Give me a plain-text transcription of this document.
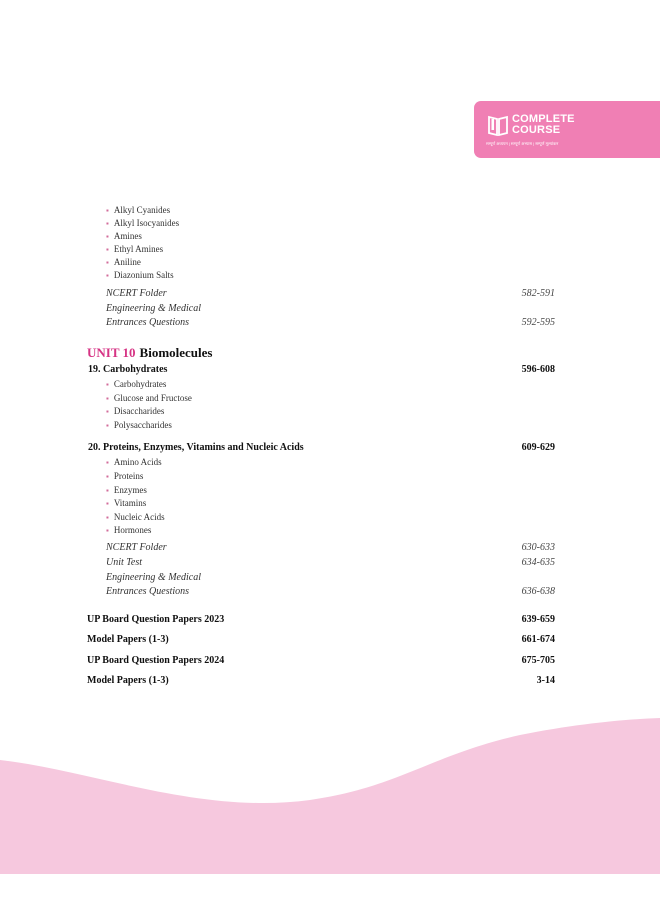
COMPLETE
COURSE
सम्पूर्ण अध्ययन | सम्पूर्ण अभ्यास | सम्पूर्ण मूल्यांकन
▪ Alkyl Cyanides
▪ Alkyl Isocyanides
▪ Amines
▪ Ethyl Amines
▪ Aniline
▪ Diazonium Salts
NCERT Folder	582-591
Engineering & Medical
Entrances Questions	592-595
UNIT 10 Biomolecules
19. Carbohydrates	596-608
▪ Carbohydrates
▪ Glucose and Fructose
▪ Disaccharides
▪ Polysaccharides
20. Proteins, Enzymes, Vitamins and Nucleic Acids	609-629
▪ Amino Acids
▪ Proteins
▪ Enzymes
▪ Vitamins
▪ Nucleic Acids
▪ Hormones
NCERT Folder	630-633
Unit Test	634-635
Engineering & Medical
Entrances Questions	636-638
UP Board Question Papers 2023	639-659
Model Papers (1-3)	661-674
UP Board Question Papers 2024	675-705
Model Papers (1-3)	3-14
